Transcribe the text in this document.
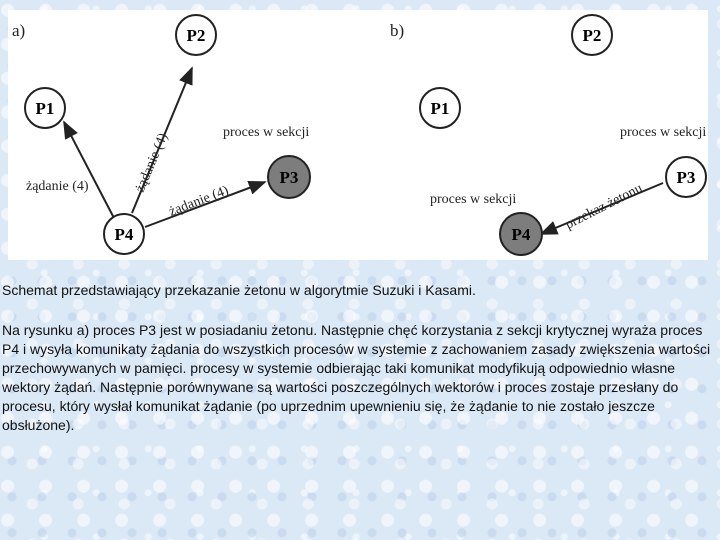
a)
żądanie (4)	żądanie (4)
żądanie (4)
proces w sekcji
P1
P2
P3
P4
b)
przekaz żetonu
proces w sekcji
proces w sekcji
P1
P2
P3
P4

Schemat przedstawiający przekazanie żetonu w algorytmie Suzuki i Kasami.

Na rysunku a) proces P3 jest w posiadaniu żetonu. Następnie chęć korzystania z sekcji krytycznej wyraża proces P4 i wysyła komunikaty żądania do wszystkich procesów w systemie z zachowaniem zasady zwiększenia wartości przechowywanych w pamięci. procesy w systemie odbierając taki komunikat modyfikują odpowiednio własne wektory żądań. Następnie porównywane są wartości poszczególnych wektorów i proces zostaje przesłany do procesu, który wysłał komunikat żądanie (po uprzednim upewnieniu się, że żądanie to nie zostało jeszcze obsłużone).
